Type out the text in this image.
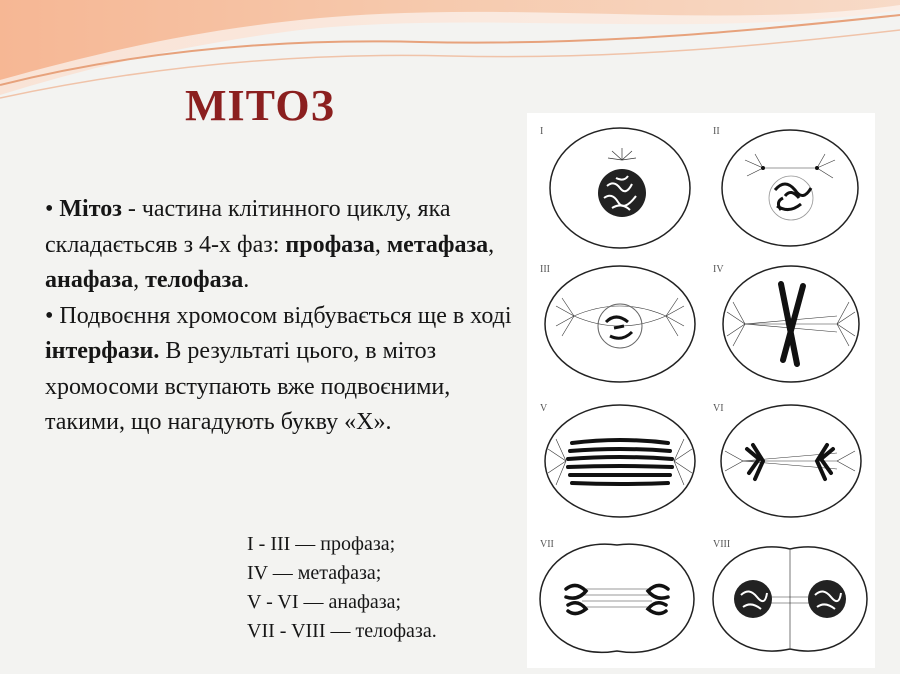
МІТОЗ

• Мітоз - частина клітинного циклу, яка складаєтьсяв з 4-х фаз: профаза, метафаза, анафаза, телофаза.

• Подвоєння хромосом відбувається ще в ході інтерфази. В результаті цього, в мітоз хромосоми вступають вже подвоєними, такими, що нагадують букву «Х».

I - III — профаза;
IV — метафаза;
V - VI — анафаза;
VII - VIII — телофаза.
I	II
III	IV
V	VI
VII	VIII
